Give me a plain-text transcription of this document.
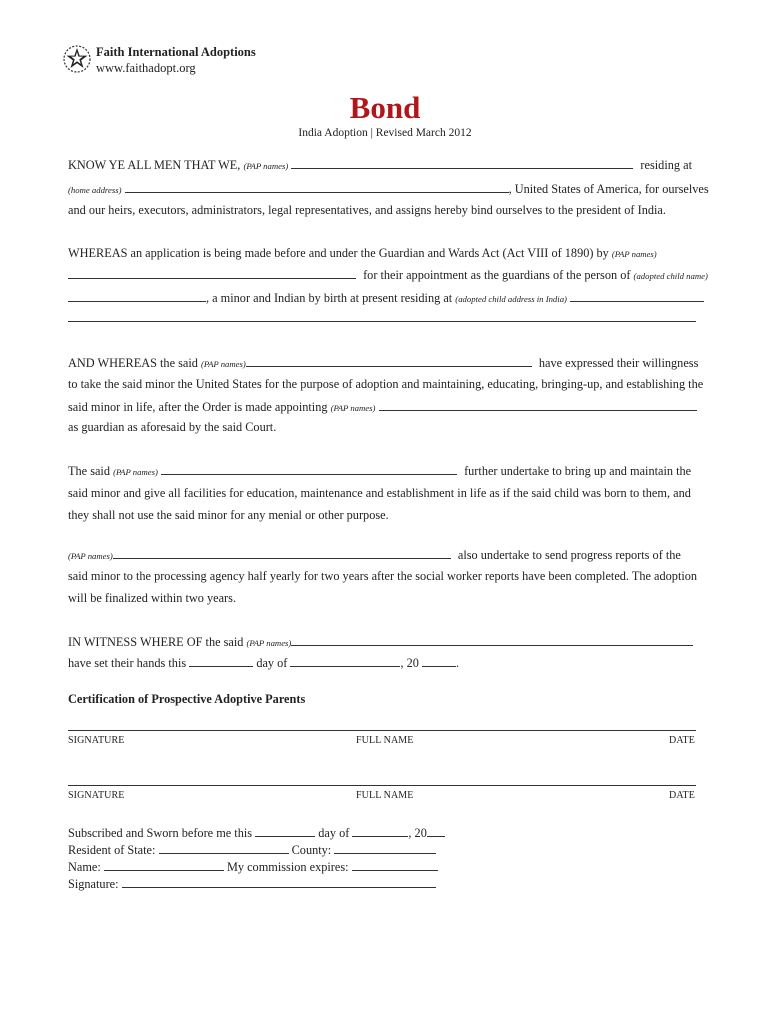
Faith International Adoptions
www.faithadopt.org
Bond
India Adoption | Revised March 2012
KNOW YE ALL MEN THAT WE, (PAP names)	residing at
(home address)	, United States of America, for ourselves
and our heirs, executors, administrators, legal representatives, and assigns hereby bind ourselves to the president of India.
WHEREAS an application is being made before and under the Guardian and Wards Act (Act VIII of 1890) by (PAP names)
for their appointment as the guardians of the person of (adopted child name)
, a minor and Indian by birth at present residing at (adopted child address in India)
AND WHEREAS the said (PAP names)	have expressed their willingness
to take the said minor the United States for the purpose of adoption and maintaining, educating, bringing-up, and establishing the
said minor in life, after the Order is made appointing (PAP names)
as guardian as aforesaid by the said Court.
The said (PAP names)	further undertake to bring up and maintain the
said minor and give all facilities for education, maintenance and establishment in life as if the said child was born to them, and
they shall not use the said minor for any menial or other purpose.
(PAP names)	also undertake to send progress reports of the
said minor to the processing agency half yearly for two years after the social worker reports have been completed. The adoption
will be finalized within two years.
IN WITNESS WHERE OF the said (PAP names)
have set their hands this	day of	, 20	.
Certification of Prospective Adoptive Parents
SIGNATURE	FULL NAME	DATE
SIGNATURE	FULL NAME	DATE
Subscribed and Sworn before me this	day of	, 20
Resident of State:	County:
Name:	My commission expires:
Signature:
